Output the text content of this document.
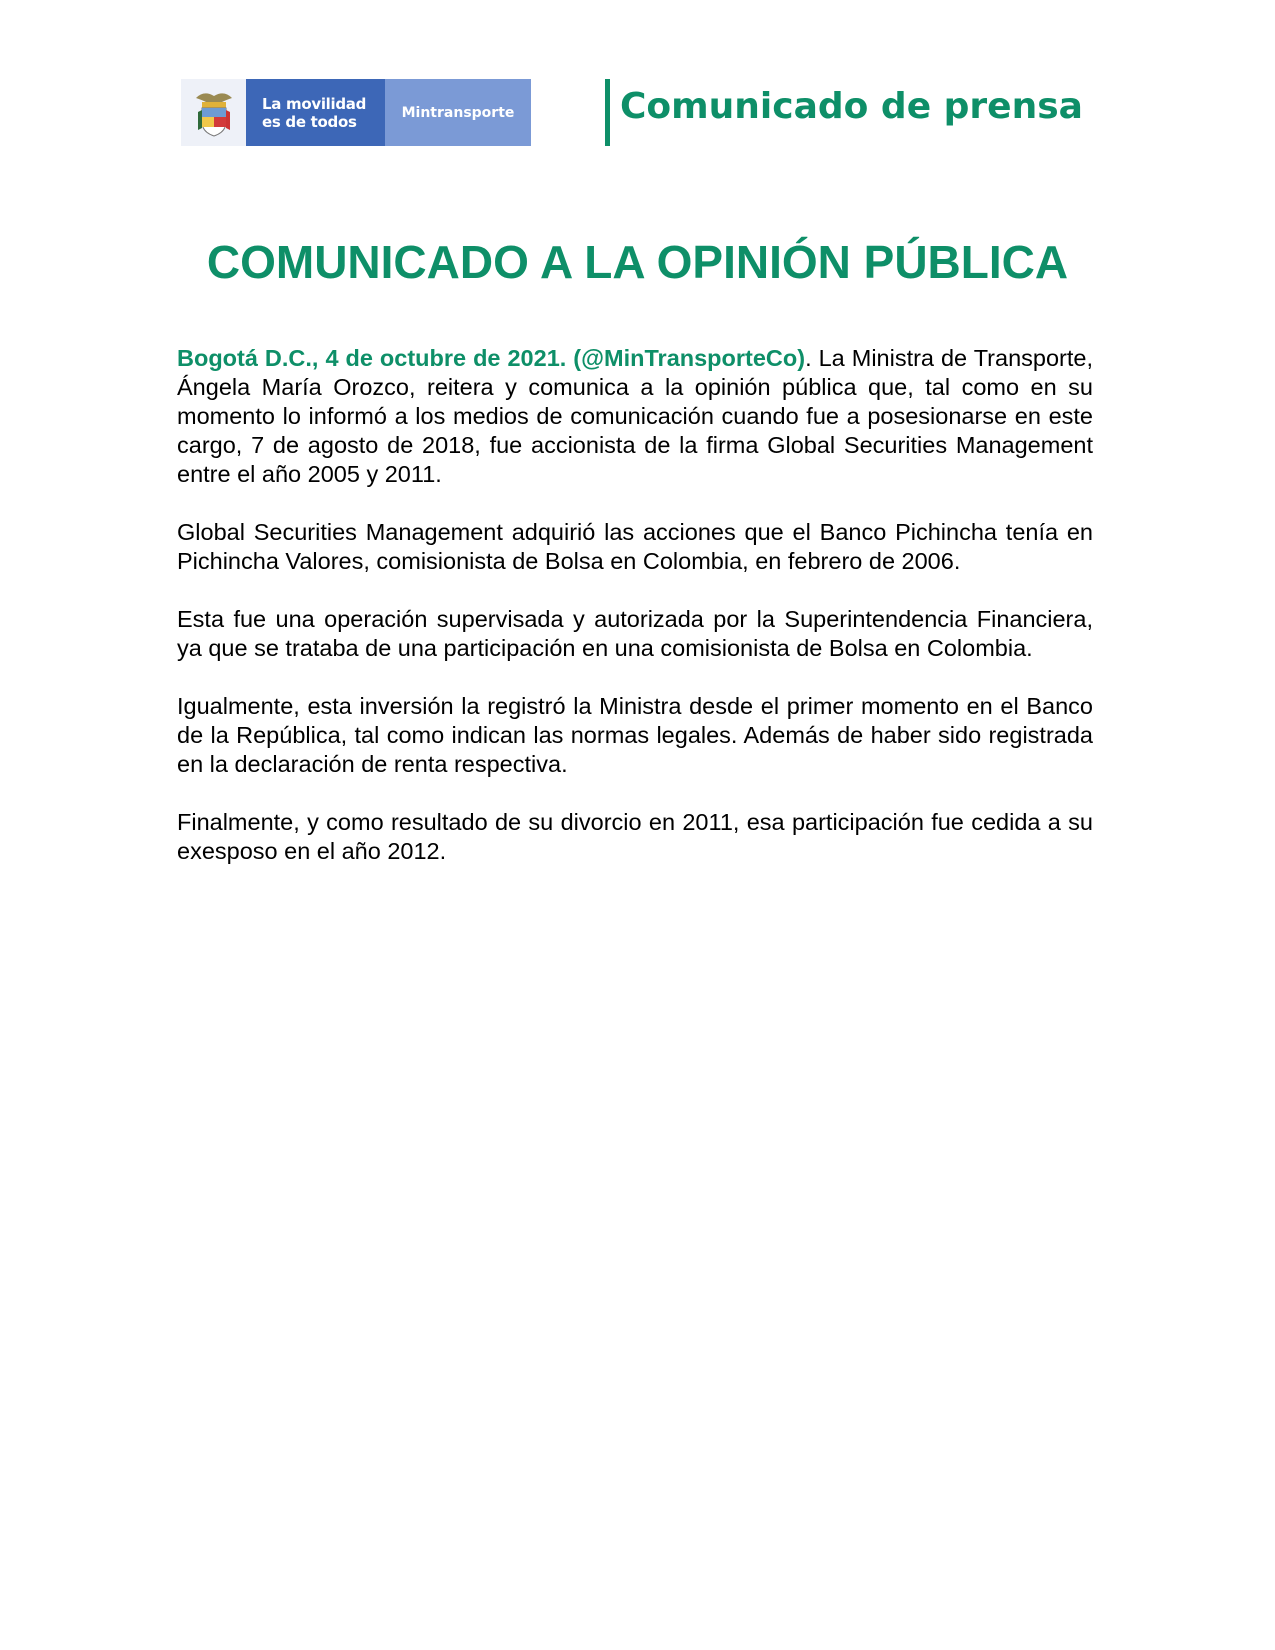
La movilidad
es de todos	Mintransporte	Comunicado de prensa
COMUNICADO A LA OPINIÓN PÚBLICA

Bogotá D.C., 4 de octubre de 2021. (@MinTransporteCo). La Ministra de Transporte, Ángela María Orozco, reitera y comunica a la opinión pública que, tal como en su momento lo informó a los medios de comunicación cuando fue a posesionarse en este cargo, 7 de agosto de 2018, fue accionista de la firma Global Securities Management entre el año 2005 y 2011.

Global Securities Management adquirió las acciones que el Banco Pichincha tenía en Pichincha Valores, comisionista de Bolsa en Colombia, en febrero de 2006.

Esta fue una operación supervisada y autorizada por la Superintendencia Financiera, ya que se trataba de una participación en una comisionista de Bolsa en Colombia.

Igualmente, esta inversión la registró la Ministra desde el primer momento en el Banco de la República, tal como indican las normas legales. Además de haber sido registrada en la declaración de renta respectiva.

Finalmente, y como resultado de su divorcio en 2011, esa participación fue cedida a su exesposo en el año 2012.
